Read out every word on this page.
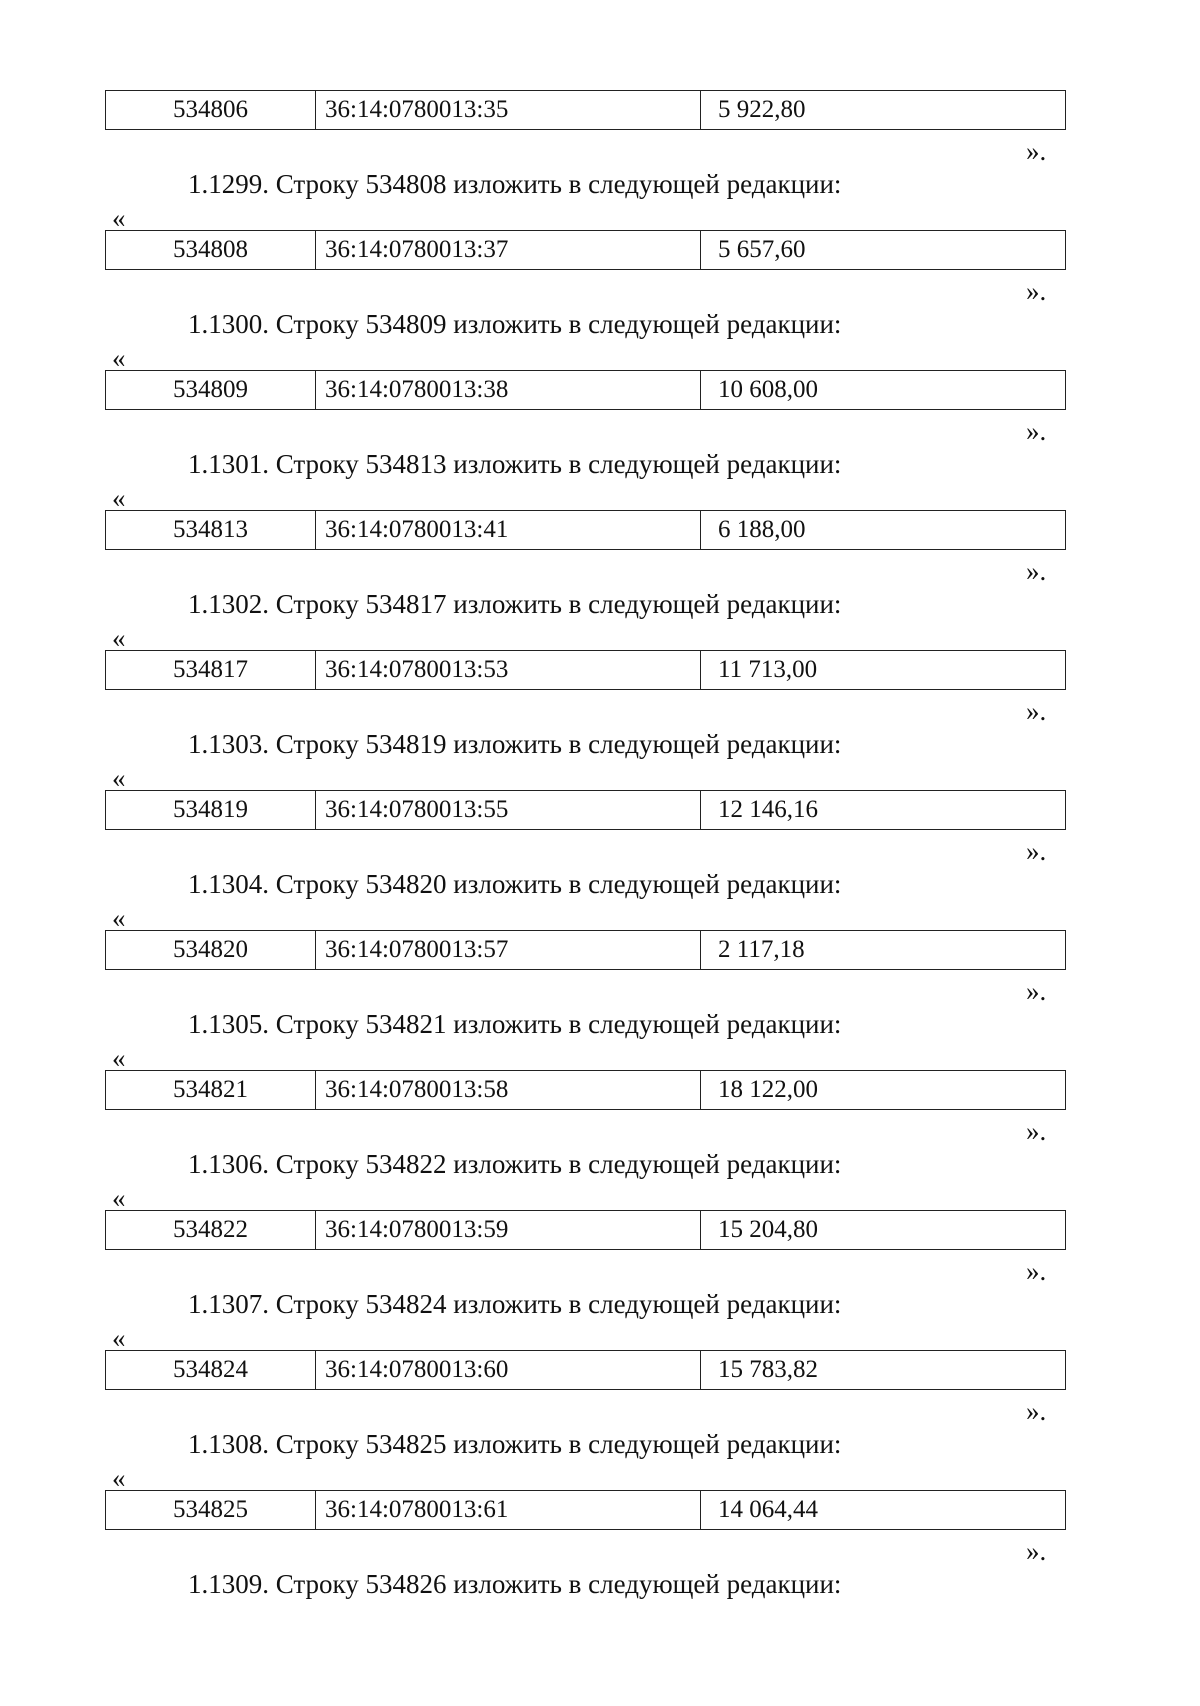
534806	36:14:0780013:35	5 922,80
».
1.1299. Строку 534808 изложить в следующей редакции:
«
534808	36:14:0780013:37	5 657,60
».
1.1300. Строку 534809 изложить в следующей редакции:
«
534809	36:14:0780013:38	10 608,00
».
1.1301. Строку 534813 изложить в следующей редакции:
«
534813	36:14:0780013:41	6 188,00
».
1.1302. Строку 534817 изложить в следующей редакции:
«
534817	36:14:0780013:53	11 713,00
».
1.1303. Строку 534819 изложить в следующей редакции:
«
534819	36:14:0780013:55	12 146,16
».
1.1304. Строку 534820 изложить в следующей редакции:
«
534820	36:14:0780013:57	2 117,18
».
1.1305. Строку 534821 изложить в следующей редакции:
«
534821	36:14:0780013:58	18 122,00
».
1.1306. Строку 534822 изложить в следующей редакции:
«
534822	36:14:0780013:59	15 204,80
».
1.1307. Строку 534824 изложить в следующей редакции:
«
534824	36:14:0780013:60	15 783,82
».
1.1308. Строку 534825 изложить в следующей редакции:
«
534825	36:14:0780013:61	14 064,44
».
1.1309. Строку 534826 изложить в следующей редакции:
